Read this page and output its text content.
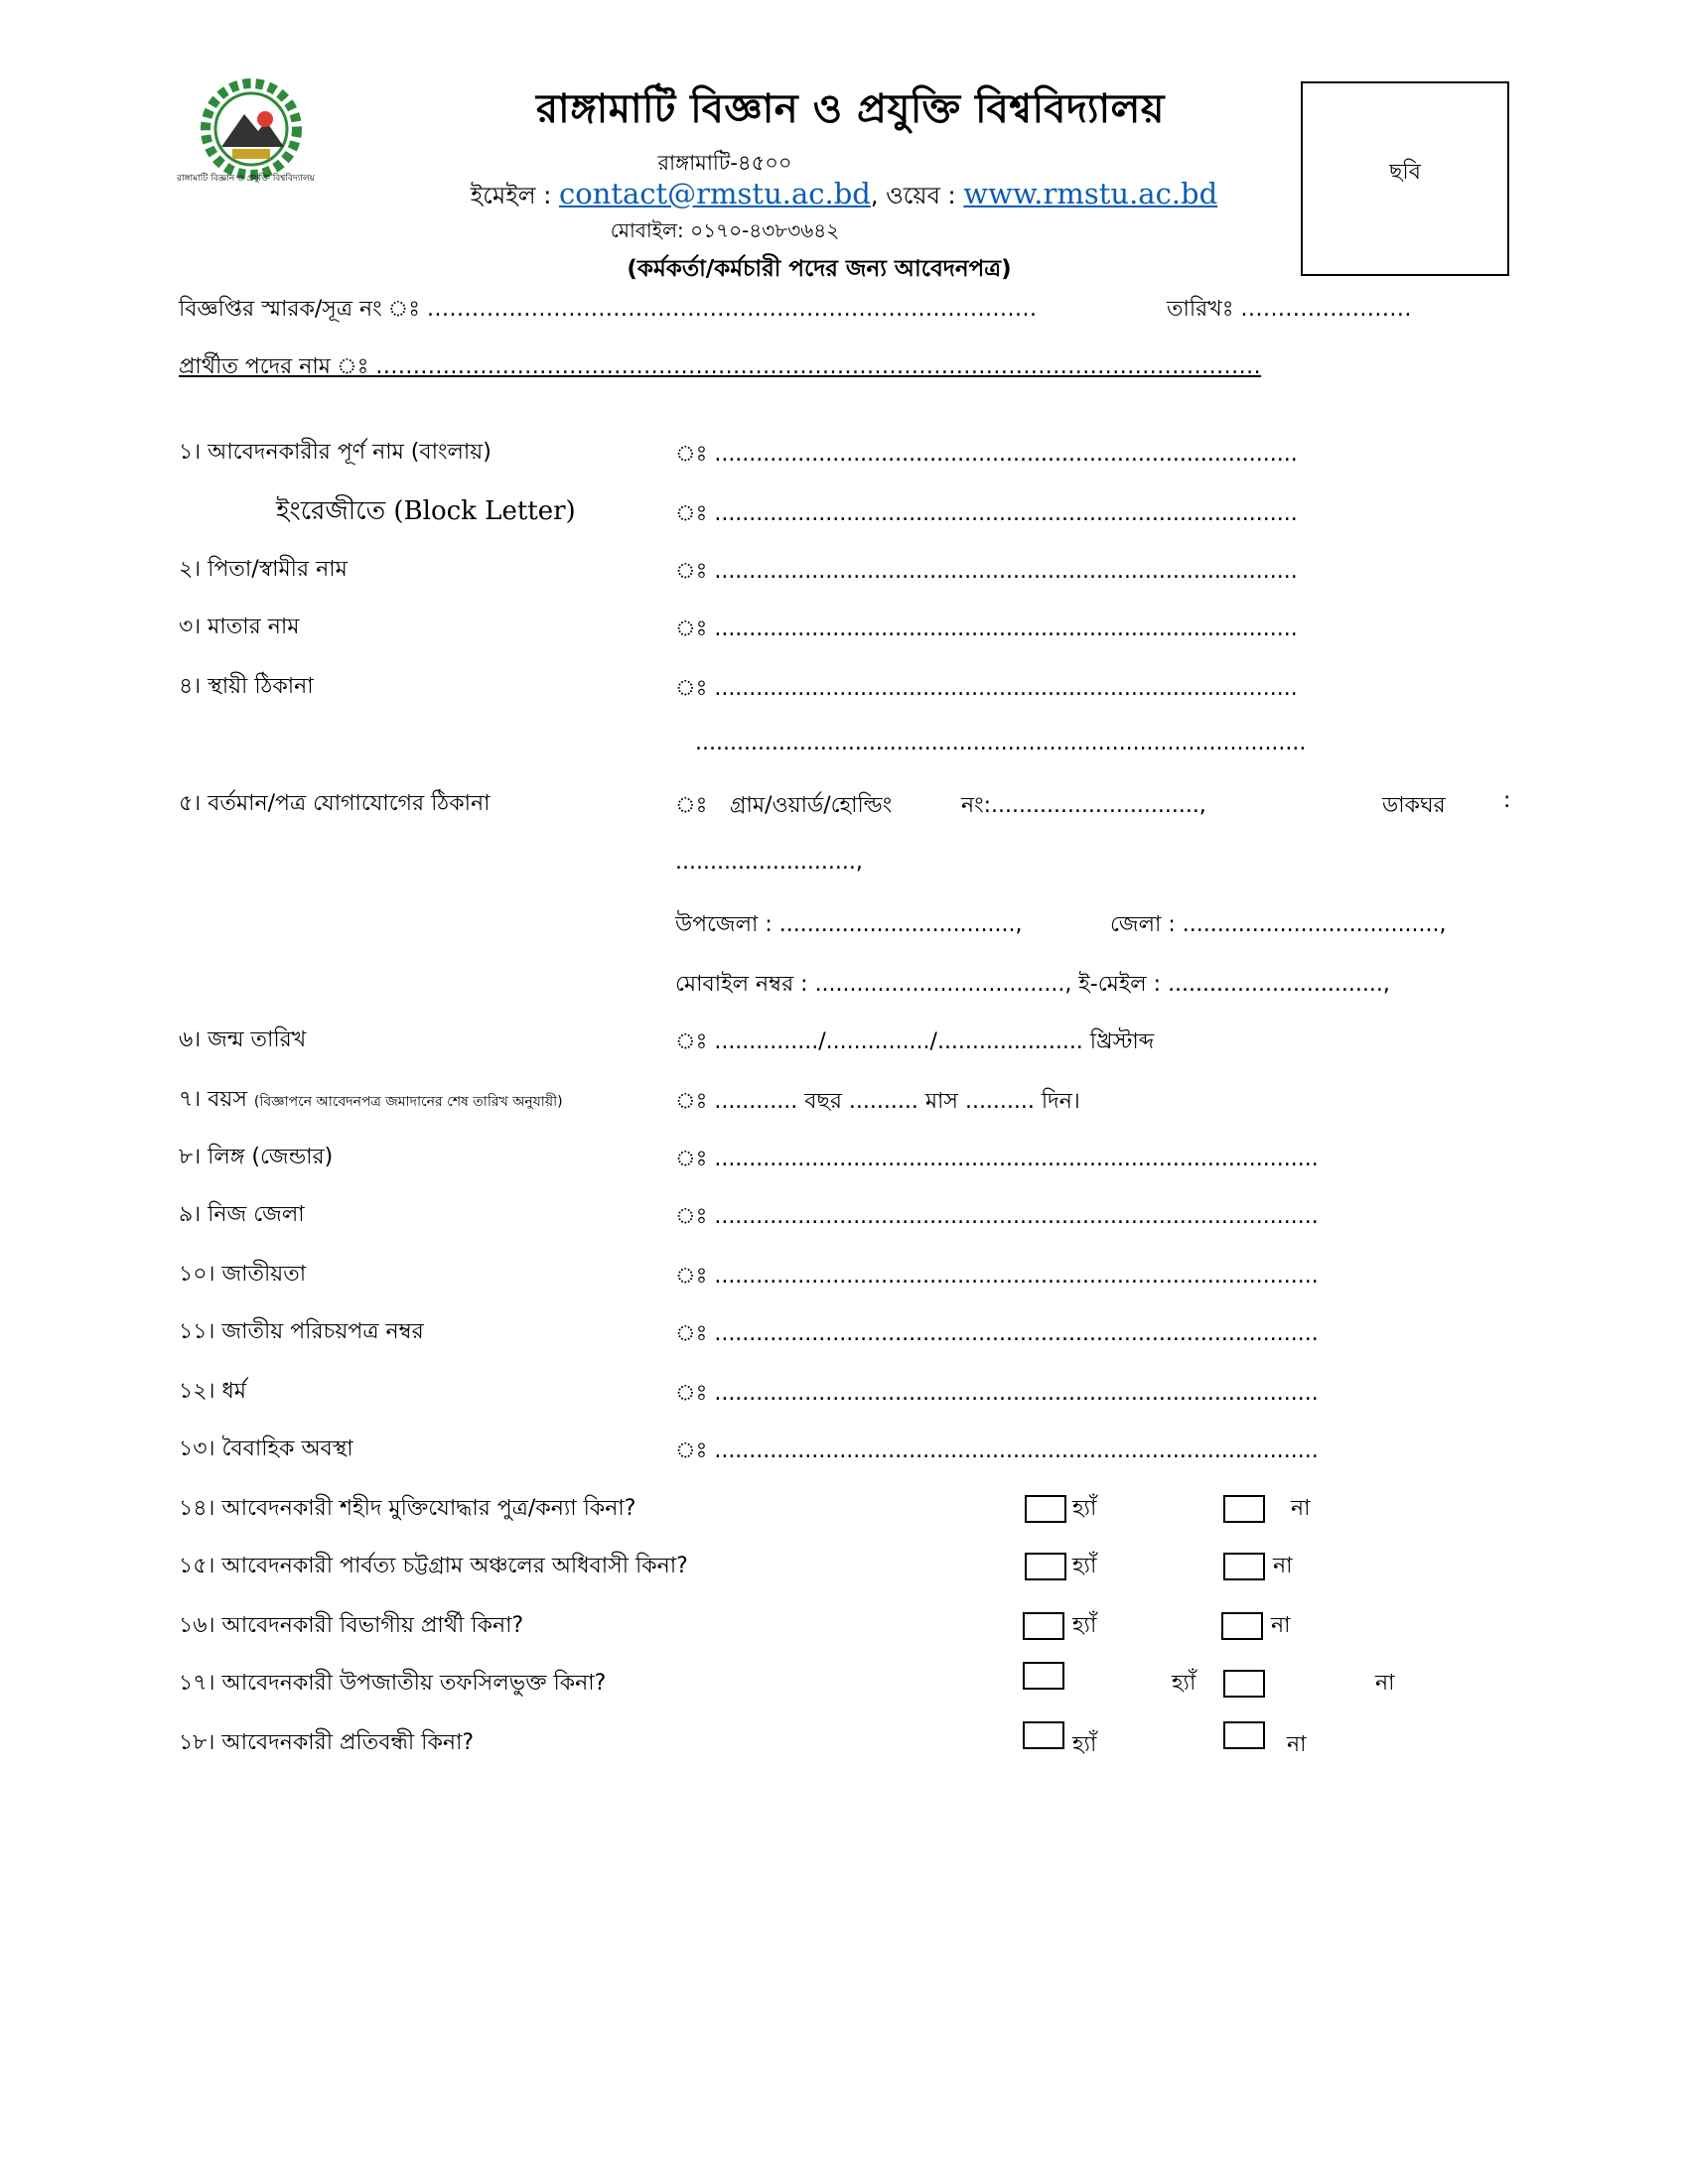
রাঙ্গামাটি বিজ্ঞান ও প্রযুক্তি বিশ্ববিদ্যালয়
রাঙ্গামাটি বিজ্ঞান ও প্রযুক্তি বিশ্ববিদ্যালয়
রাঙ্গামাটি-৪৫০০
ইমেইল : contact@rmstu.ac.bd, ওয়েব : www.rmstu.ac.bd
মোবাইল: ০১৭০-৪৩৮৩৬৪২
(কর্মকর্তা/কর্মচারী পদের জন্য আবেদনপত্র)
ছবি
বিজ্ঞপ্তির স্মারক/সূত্র নং ঃ ..................................................................................	তারিখঃ .......................
প্রার্থীত পদের নাম ঃ .......................................................................................................................
১। আবেদনকারীর পূর্ণ নাম (বাংলায়)	ঃ ....................................................................................
ইংরেজীতে (Block Letter)	ঃ ....................................................................................
২। পিতা/স্বামীর নাম	ঃ ....................................................................................
৩। মাতার নাম	ঃ ....................................................................................
৪। স্থায়ী ঠিকানা	ঃ ....................................................................................
........................................................................................
৫। বর্তমান/পত্র যোগাযোগের ঠিকানা	ঃ গ্রাম/ওয়ার্ড/হোল্ডিং	নং:..............................,	ডাকঘর	:
..........................,
উপজেলা : ..................................,	জেলা : .....................................,
মোবাইল নম্বর : ...................................., ই-মেইল : ...............................,
৬। জন্ম তারিখ	ঃ .............../.............../..................... খ্রিস্টাব্দ
৭। বয়স (বিজ্ঞাপনে আবেদনপত্র জমাদানের শেষ তারিখ অনুযায়ী)	ঃ ............ বছর .......... মাস .......... দিন।
৮। লিঙ্গ (জেন্ডার)	ঃ .......................................................................................
৯। নিজ জেলা	ঃ .......................................................................................
১০। জাতীয়তা	ঃ .......................................................................................
১১। জাতীয় পরিচয়পত্র নম্বর	ঃ .......................................................................................
১২। ধর্ম	ঃ .......................................................................................
১৩। বৈবাহিক অবস্থা	ঃ .......................................................................................
১৪। আবেদনকারী শহীদ মুক্তিযোদ্ধার পুত্র/কন্যা কিনা?	হ্যাঁ	না
১৫। আবেদনকারী পার্বত্য চট্টগ্রাম অঞ্চলের অধিবাসী কিনা?	হ্যাঁ	না
১৬। আবেদনকারী বিভাগীয় প্রার্থী কিনা?	হ্যাঁ	না
১৭। আবেদনকারী উপজাতীয় তফসিলভুক্ত কিনা?	হ্যাঁ	না
১৮। আবেদনকারী প্রতিবন্ধী কিনা?	হ্যাঁ	না
